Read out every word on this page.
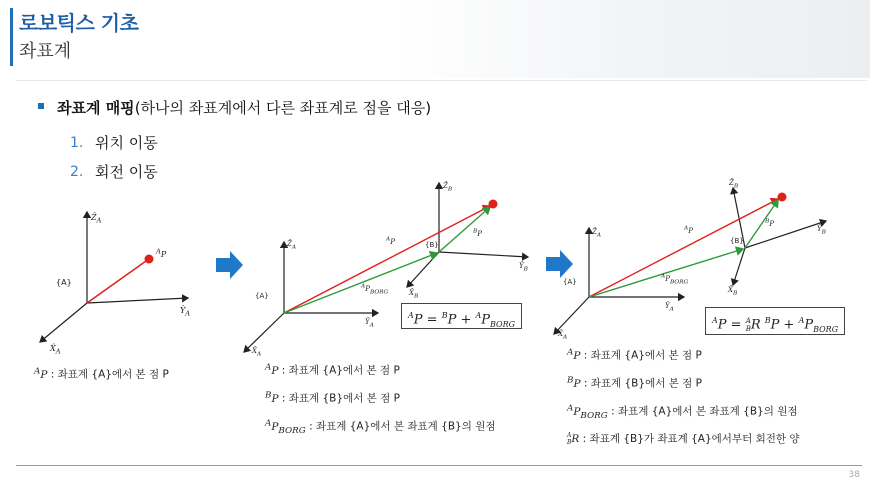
로보틱스 기초
좌표계
좌표계 매핑(하나의 좌표계에서 다른 좌표계로 점을 대응)
1. 위치 이동
2. 회전 이동
Ẑ$_A$
$Ŷ_A$
$X̂_A$
{A}
$^A$P
$^A$P : 좌표계 {A}에서 본 점 P
Ẑ$_A$
$Ŷ_A$
$X̂_A$
{A}
Ẑ$_B$
$Ŷ_B$
$X̂_B$
{B}
$^A$P
$^B$P
$^AP_{BORG}$
$^AP = ^BP + ^AP_{BORG}$
$^A$P : 좌표계 {A}에서 본 점 P
$^B$P : 좌표계 {B}에서 본 점 P
$^AP_{BORG}$ : 좌표계 {A}에서 본 좌표계 {B}의 원점
Ẑ$_A$
$Ŷ_A$
$X̂_A$
{A}
Ẑ$_B$
$Ŷ_B$
$X̂_B$
{B}
$^A$P
$^B$P
$^AP_{BORG}$
$^A$P = A
BR $^BP + ^AP_{BORG}$
$^A$P : 좌표계 {A}에서 본 점 P
$^B$P : 좌표계 {B}에서 본 점 P
$^AP_{BORG}$ : 좌표계 {A}에서 본 좌표계 {B}의 원점
A
BR : 좌표계 {B}가 좌표계 {A}에서부터 회전한 양
38
